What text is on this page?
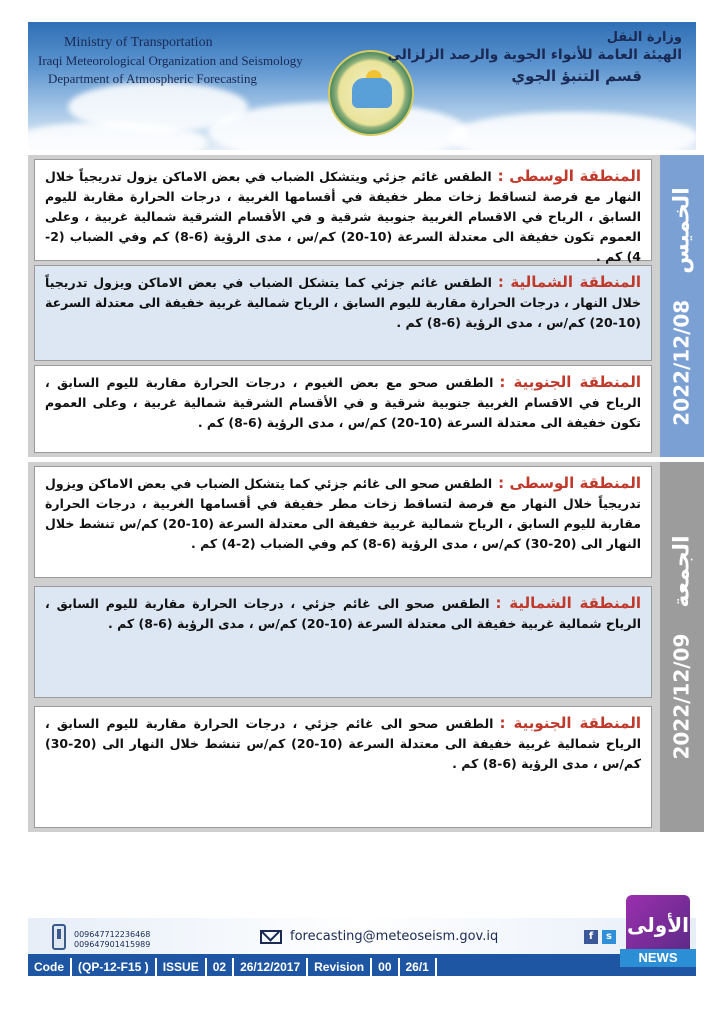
Ministry of Transportation
Iraqi Meteorological Organization and Seismology
Department of Atmospheric Forecasting
وزارة النقل
الهيئة العامة للأنواء الجوية والرصد الزلزالي
قسم التنبؤ الجوي
المنطقة الوسطى :الطقس غائم جزئي ويتشكل الضباب في بعض الاماكن يزول تدريجياً خلال النهار مع فرصة لتساقط زخات مطر خفيفة في أقسامها الغربية ، درجات الحرارة مقاربة لليوم السابق ، الرياح في الاقسام الغربية جنوبية شرقية و في الأقسام الشرقية شمالية غربية ، وعلى العموم تكون خفيفة الى معتدلة السرعة (10-20) كم/س ، مدى الرؤية (6-8) كم وفي الضباب (2-4) كم .
المنطقة الشمالية :الطقس غائم جزئي كما يتشكل الضباب في بعض الاماكن ويزول تدريجياً خلال النهار ، درجات الحرارة مقاربة لليوم السابق ، الرياح شمالية غربية خفيفة الى معتدلة السرعة (10-20) كم/س ، مدى الرؤية (6-8) كم .
المنطقة الجنوبية :الطقس صحو مع بعض الغيوم ، درجات الحرارة مقاربة لليوم السابق ، الرياح في الاقسام الغربية جنوبية شرقية و في الأقسام الشرقية شمالية غربية ، وعلى العموم تكون خفيفة الى معتدلة السرعة (10-20) كم/س ، مدى الرؤية (6-8) كم .
الخميس
2022/12/08
المنطقة الوسطى :الطقس صحو الى غائم جزئي كما يتشكل الضباب في بعض الاماكن ويزول تدريجياً خلال النهار مع فرصة لتساقط زخات مطر خفيفة في أقسامها الغربية ، درجات الحرارة مقاربة لليوم السابق ، الرياح شمالية غربية خفيفة الى معتدلة السرعة (10-20) كم/س تنشط خلال النهار الى (20-30) كم/س ، مدى الرؤية (6-8) كم وفي الضباب (2-4) كم .
المنطقة الشمالية :الطقس صحو الى غائم جزئي ، درجات الحرارة مقاربة لليوم السابق ، الرياح شمالية غربية خفيفة الى معتدلة السرعة (10-20) كم/س ، مدى الرؤية (6-8) كم .
المنطقة الجنوبية :الطقس صحو الى غائم جزئي ، درجات الحرارة مقاربة لليوم السابق ، الرياح شمالية غربية خفيفة الى معتدلة السرعة (10-20) كم/س تنشط خلال النهار الى (20-30) كم/س ، مدى الرؤية (6-8) كم .
الجمعة
2022/12/09
009647712236468
009647901415989
forecasting@meteoseism.gov.iq	f	s
Code	(QP-12-F15 )	ISSUE	02	26/12/2017	Revision	00	26/1
الأولى نيوز
NEWS
